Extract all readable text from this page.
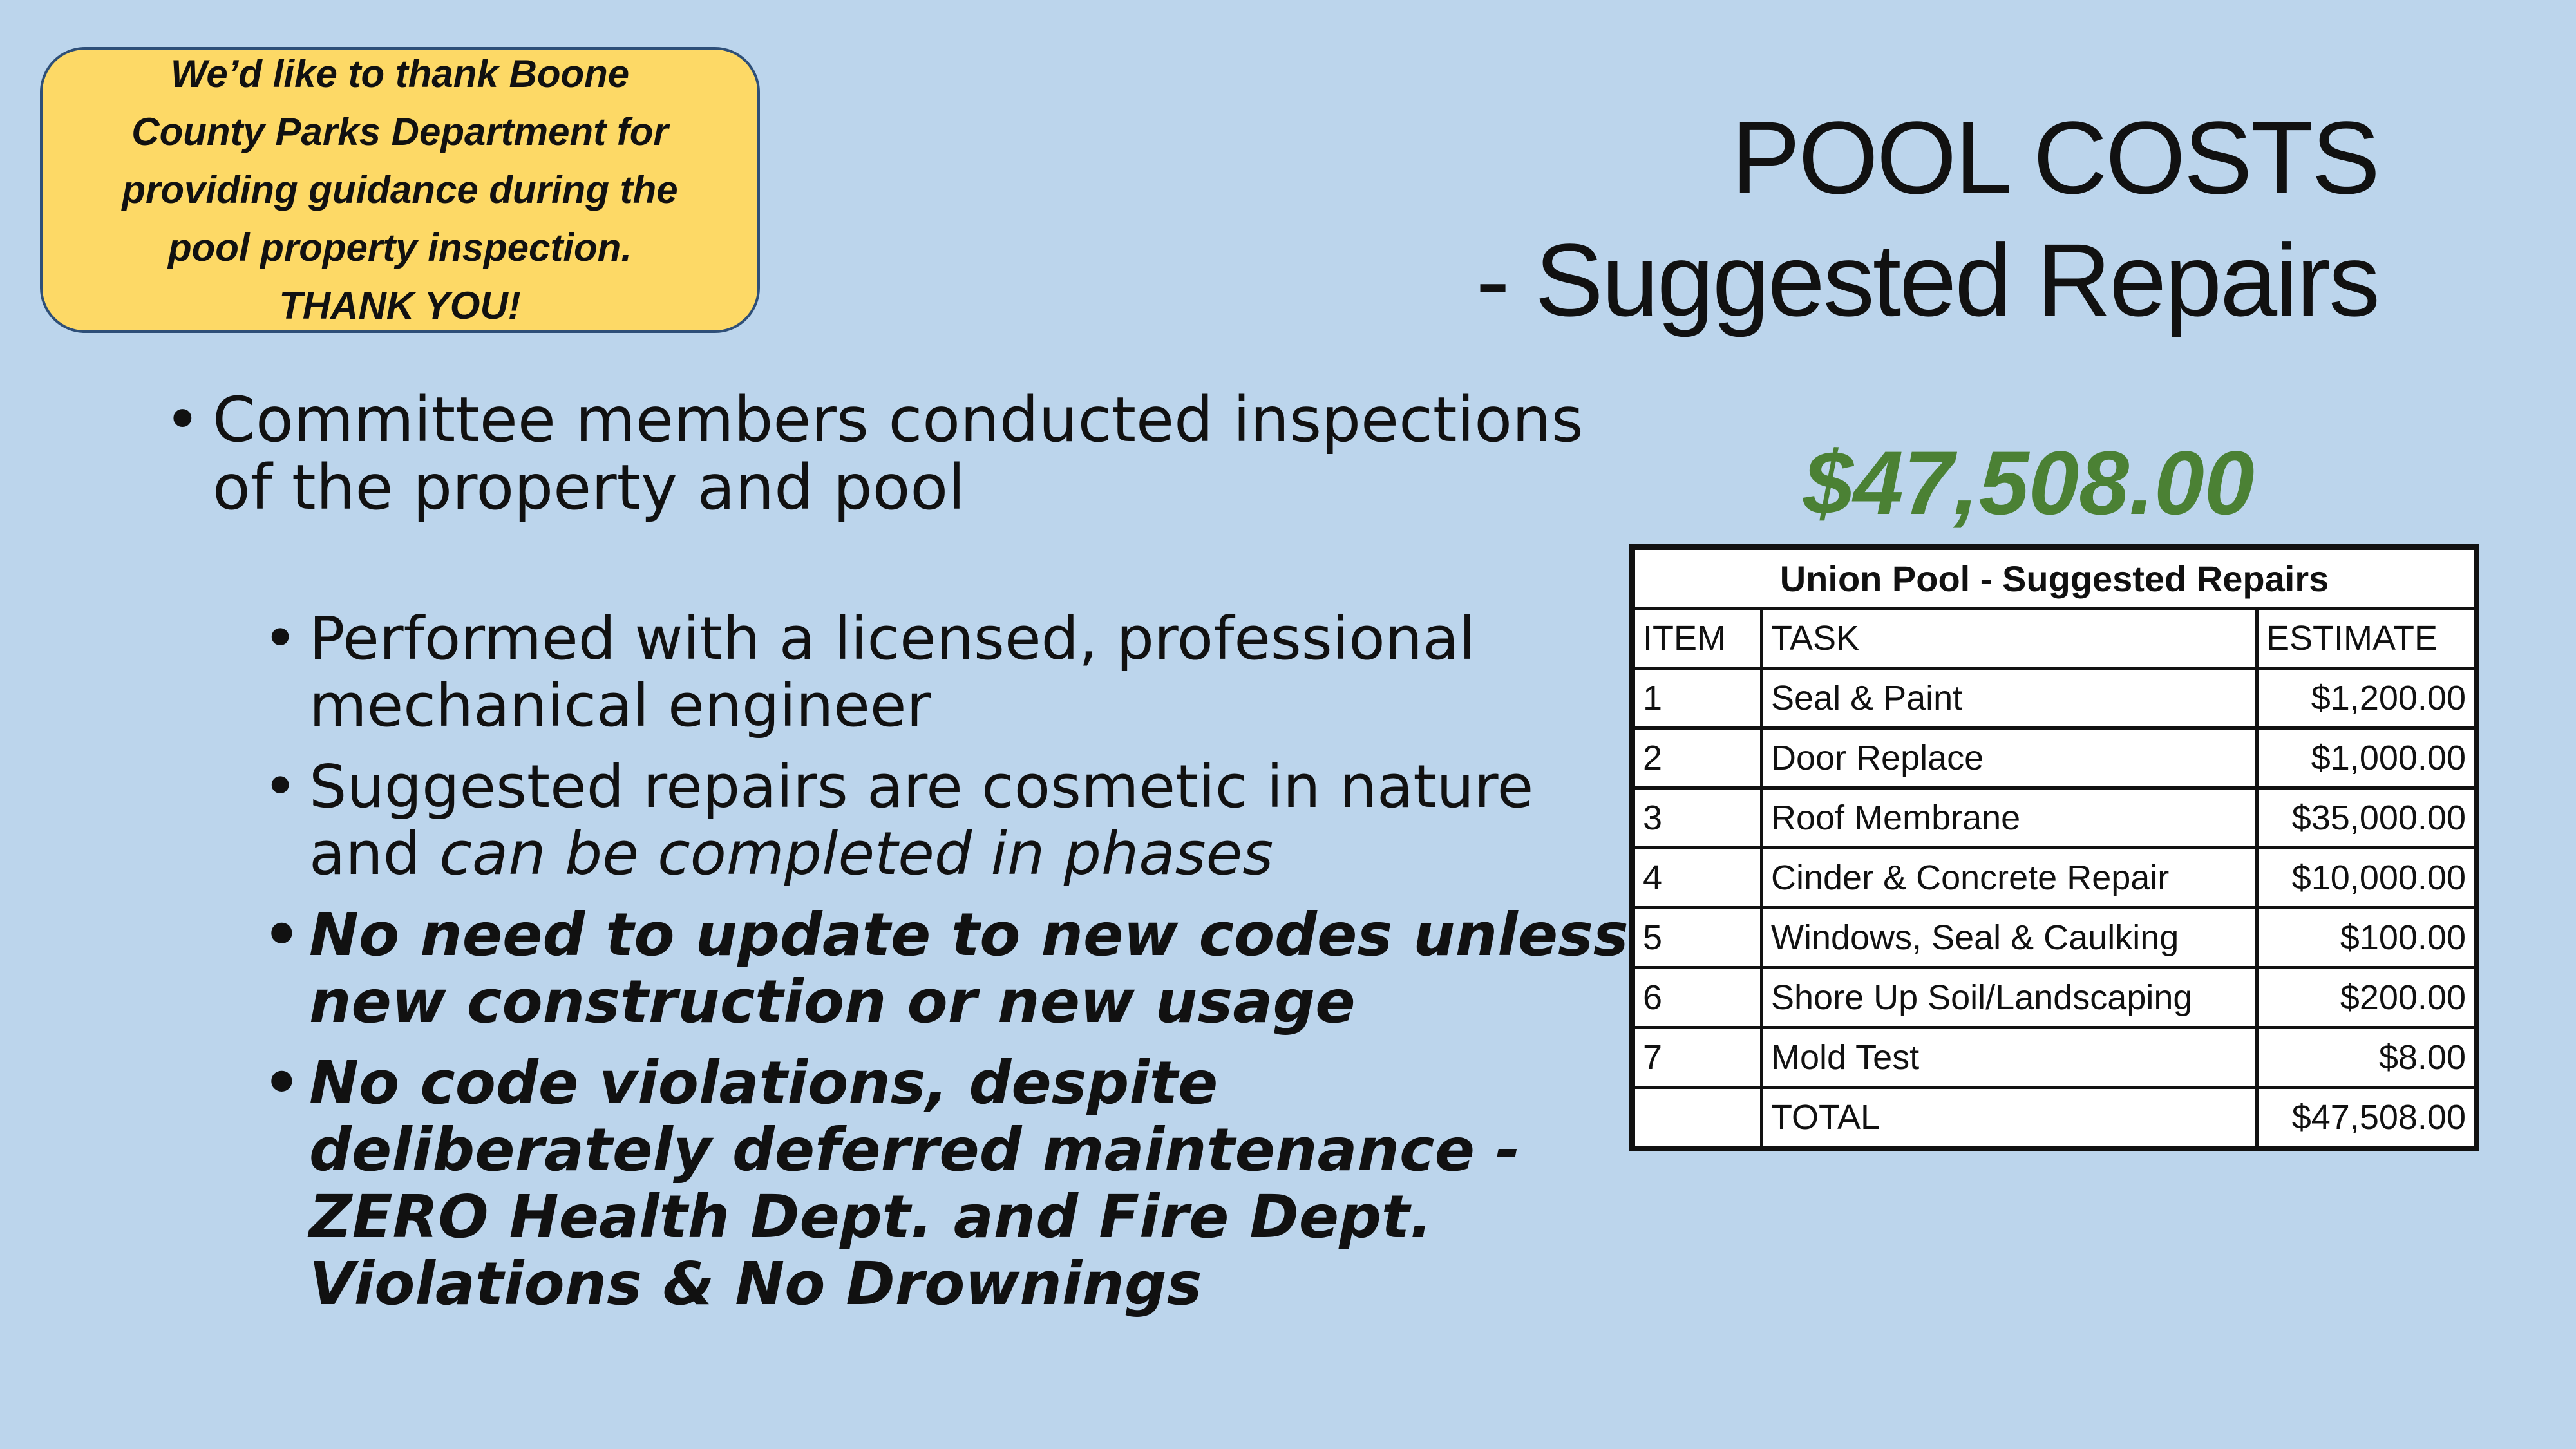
We’d like to thank Boone
County Parks Department for
providing guidance during the
pool property inspection.
THANK YOU!
POOL COSTS
- Suggested Repairs
$47,508.00
• Committee members conducted inspections of the property and pool
• Performed with a licensed, professional mechanical engineer
• Suggested repairs are cosmetic in nature and can be completed in phases
• No need to update to new codes unless new construction or new usage
• No code violations, despite deliberately deferred maintenance - ZERO Health Dept. and Fire Dept. Violations & No Drownings
Union Pool - Suggested Repairs		
ITEM	TASK	ESTIMATE
1	Seal & Paint	$1,200.00
2	Door Replace	$1,000.00
3	Roof Membrane	$35,000.00
4	Cinder & Concrete Repair	$10,000.00
5	Windows, Seal & Caulking	$100.00
6	Shore Up Soil/Landscaping	$200.00
7	Mold Test	$8.00
	TOTAL	$47,508.00
